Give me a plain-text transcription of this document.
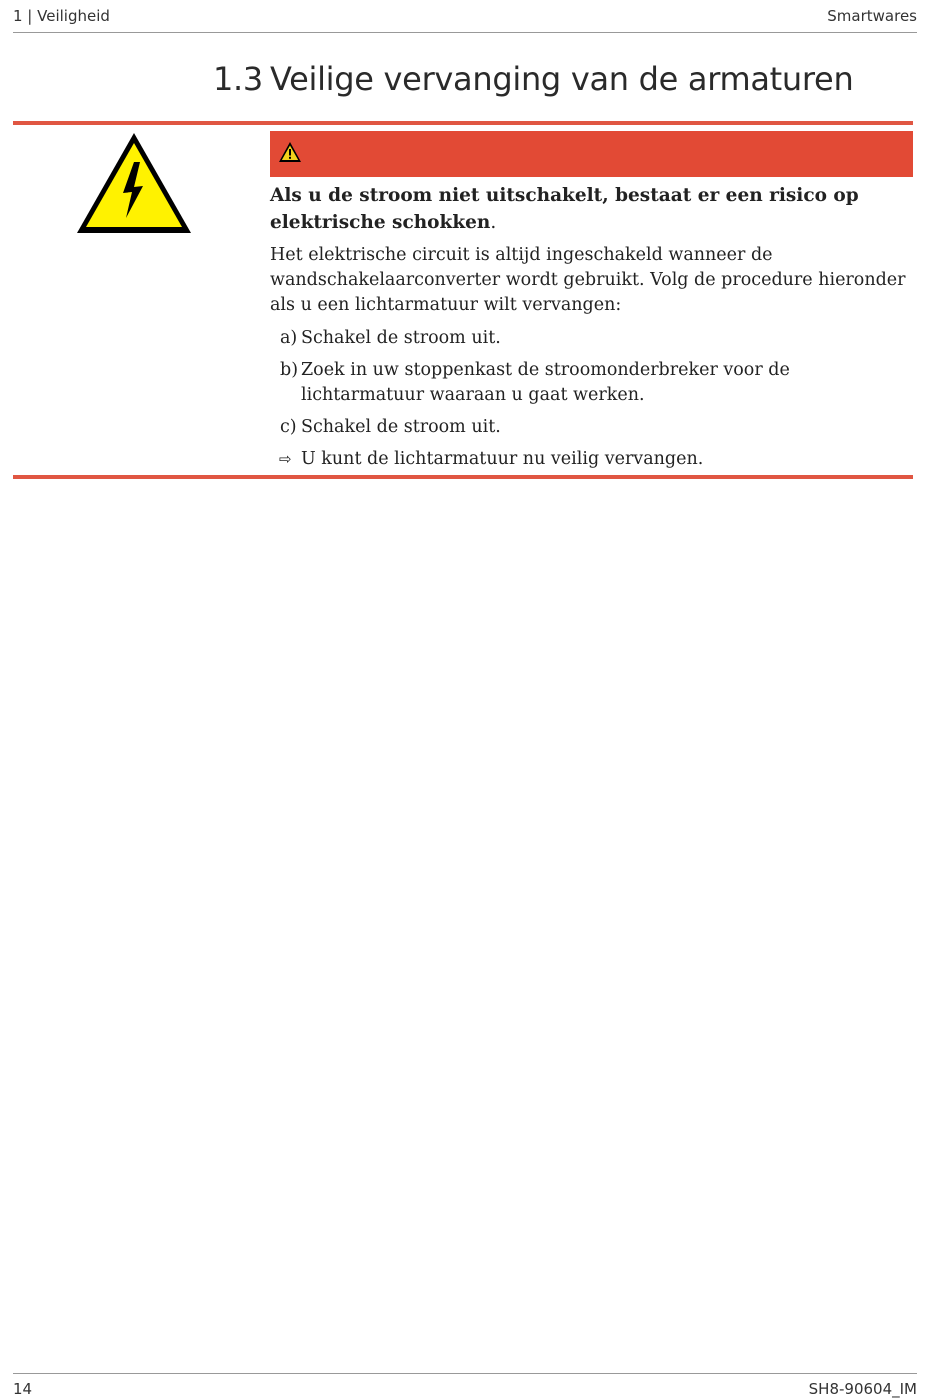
1 | Veiligheid	Smartwares
1.3 Veilige vervanging van de armaturen
Als u de stroom niet uitschakelt, bestaat er een risico op elektrische schokken.

Het elektrische circuit is altijd ingeschakeld wanneer de wandschakelaarconverter wordt gebruikt. Volg de procedure hieronder als u een lichtarmatuur wilt vervangen:

a) Schakel de stroom uit.
b) Zoek in uw stoppenkast de stroomonderbreker voor de lichtarmatuur waaraan u gaat werken.
c) Schakel de stroom uit.
⇨ U kunt de lichtarmatuur nu veilig vervangen.
14	SH8-90604_IM
